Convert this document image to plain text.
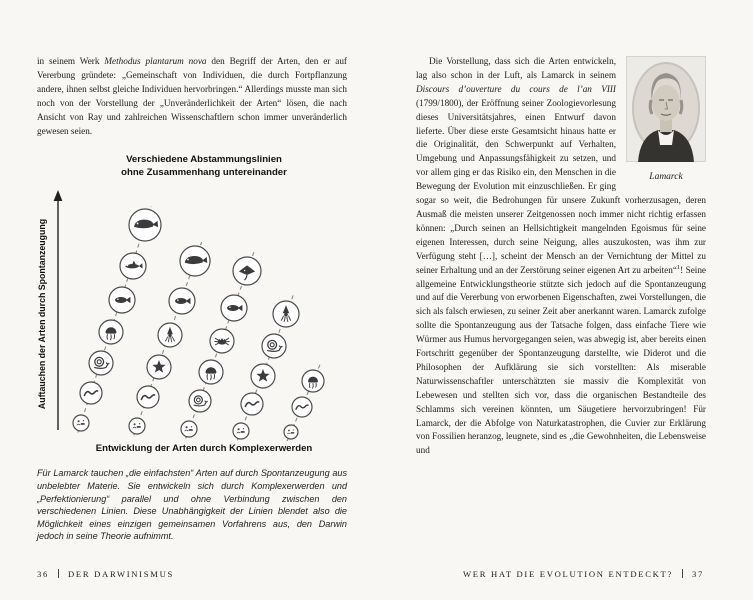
in seinem Werk Methodus plantarum nova den Begriff der Arten, den er auf Vererbung gründete: „Gemeinschaft von Individuen, die durch Fortpflanzung andere, ihnen selbst gleiche Individuen hervorbringen.“ Allerdings musste man sich noch von der Vorstellung der „Unveränderlichkeit der Arten“ lösen, die nach Ansicht von Ray und zahlreichen Wissenschaftlern schon immer unveränderlich gewesen seien.

Verschiedene Abstammungslinien
ohne Zusammenhang untereinander
Auftauchen der Arten durch Spontanzeugung
Entwicklung der Arten durch Komplexerwerden
Für Lamarck tauchen „die einfachsten“ Arten auf durch Spontanzeugung aus unbelebter Materie. Sie entwickeln sich durch Komplexerwerden und „Perfektionierung“ parallel und ohne Verbindung zwischen den verschiedenen Linien. Diese Unabhängigkeit der Linien blendet also die Möglichkeit eines einzigen gemeinsamen Vorfahrens aus, den Darwin jedoch in seine Theorie aufnimmt.
Lamarck

Die Vorstellung, dass sich die Arten entwickeln, lag also schon in der Luft, als Lamarck in seinem Discours d’ouverture du cours de l’an VIII (1799/1800), der Eröffnung seiner Zoologievorlesung dieses Universitätsjahres, einen Entwurf davon lieferte. Über diese erste Gesamtsicht hinaus hatte er die Originalität, den Schwerpunkt auf Verhalten, Umgebung und Anpassungsfähigkeit zu setzen, und vor allem ging er das Risiko ein, den Menschen in die Bewegung der Evolution mit einzuschließen. Er ging sogar so weit, die Bedrohungen für unsere Zukunft vorherzusagen, deren Ausmaß die meisten unserer Zeitgenossen noch immer nicht richtig erfassen können: „Durch seinen an Hellsichtigkeit mangelnden Egoismus für seine eigenen Interessen, durch seine Neigung, alles auszukosten, was ihm zur Verfügung steht […], scheint der Mensch an der Vernichtung der Mittel zu seiner Erhaltung und an der Zerstörung seiner eigenen Art zu arbeiten“$^1$! Seine allgemeine Entwicklungstheorie stützte sich jedoch auf die Spontanzeugung und auf die Vererbung von erworbenen Eigenschaften, zwei Vorstellungen, die sich als falsch erwiesen, zu seiner Zeit aber anerkannt waren. Lamarck zufolge sollte die Spontanzeugung aus der Tatsache folgen, dass einfache Tiere wie Würmer aus Humus hervorgegangen seien, was abwegig ist, aber bereits einen Fortschritt gegenüber der Spontanzeugung darstellte, wie Diderot und die Philosophen der Aufklärung sie sich vorstellten: Als miserable Naturwissenschaftler unterschätzten sie massiv die Komplexität von Lebewesen und stellten sich vor, dass die organischen Bestandteile des Schlamms sich vereinen könnten, um Säugetiere hervorzubringen! Für Lamarck, der die Abfolge von Naturkatastrophen, die Cuvier zur Erklärung von Fossilien heranzog, leugnete, sind es „die Gewohnheiten, die Lebensweise und

36 DER DARWINISMUS	WER HAT DIE EVOLUTION ENTDECKT? 37
